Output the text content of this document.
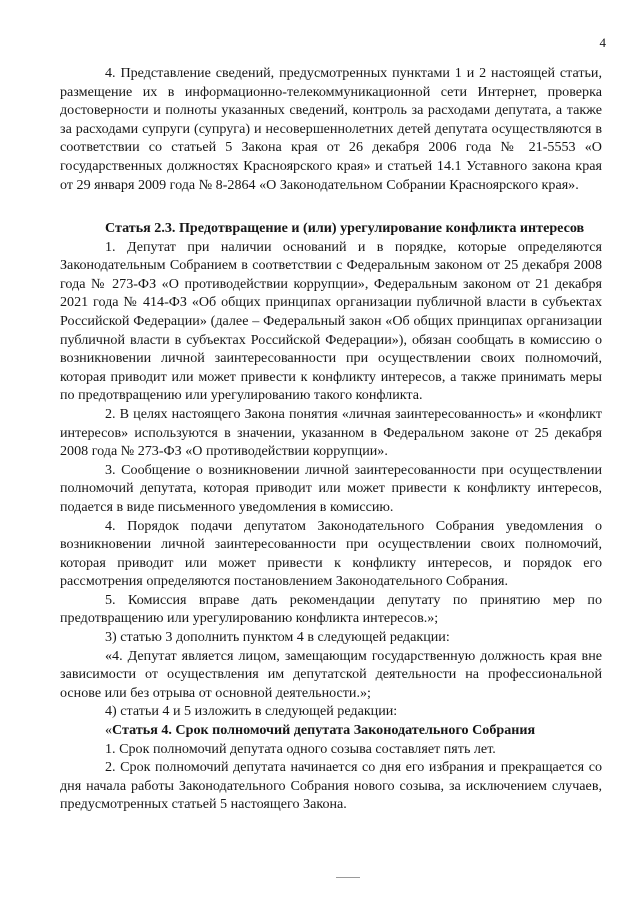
4

4. Представление сведений, предусмотренных пунктами 1 и 2 настоящей статьи, размещение их в информационно-телекоммуникационной сети Интернет, проверка достоверности и полноты указанных сведений, контроль за расходами депутата, а также за расходами супруги (супруга) и несовершеннолетних детей депутата осуществляются в соответствии со статьей 5 Закона края от 26 декабря 2006 года № 21-5553 «О государственных должностях Красноярского края» и статьей 14.1 Уставного закона края от 29 января 2009 года № 8-2864 «О Законодательном Собрании Красноярского края».

Статья 2.3. Предотвращение и (или) урегулирование конфликта интересов

1. Депутат при наличии оснований и в порядке, которые определяются Законодательным Собранием в соответствии с Федеральным законом от 25 декабря 2008 года № 273-ФЗ «О противодействии коррупции», Федеральным законом от 21 декабря 2021 года № 414-ФЗ «Об общих принципах организации публичной власти в субъектах Российской Федерации» (далее – Федеральный закон «Об общих принципах организации публичной власти в субъектах Российской Федерации»), обязан сообщать в комиссию о возникновении личной заинтересованности при осуществлении своих полномочий, которая приводит или может привести к конфликту интересов, а также принимать меры по предотвращению или урегулированию такого конфликта.

2. В целях настоящего Закона понятия «личная заинтересованность» и «конфликт интересов» используются в значении, указанном в Федеральном законе от 25 декабря 2008 года № 273-ФЗ «О противодействии коррупции».

3. Сообщение о возникновении личной заинтересованности при осуществлении полномочий депутата, которая приводит или может привести к конфликту интересов, подается в виде письменного уведомления в комиссию.

4. Порядок подачи депутатом Законодательного Собрания уведомления о возникновении личной заинтересованности при осуществлении своих полномочий, которая приводит или может привести к конфликту интересов, и порядок его рассмотрения определяются постановлением Законодательного Собрания.

5. Комиссия вправе дать рекомендации депутату по принятию мер по предотвращению или урегулированию конфликта интересов.»;

3) статью 3 дополнить пунктом 4 в следующей редакции:

«4. Депутат является лицом, замещающим государственную должность края вне зависимости от осуществления им депутатской деятельности на профессиональной основе или без отрыва от основной деятельности.»;

4) статьи 4 и 5 изложить в следующей редакции:

«Статья 4. Срок полномочий депутата Законодательного Собрания

1. Срок полномочий депутата одного созыва составляет пять лет.

2. Срок полномочий депутата начинается со дня его избрания и прекращается со дня начала работы Законодательного Собрания нового созыва, за исключением случаев, предусмотренных статьей 5 настоящего Закона.
